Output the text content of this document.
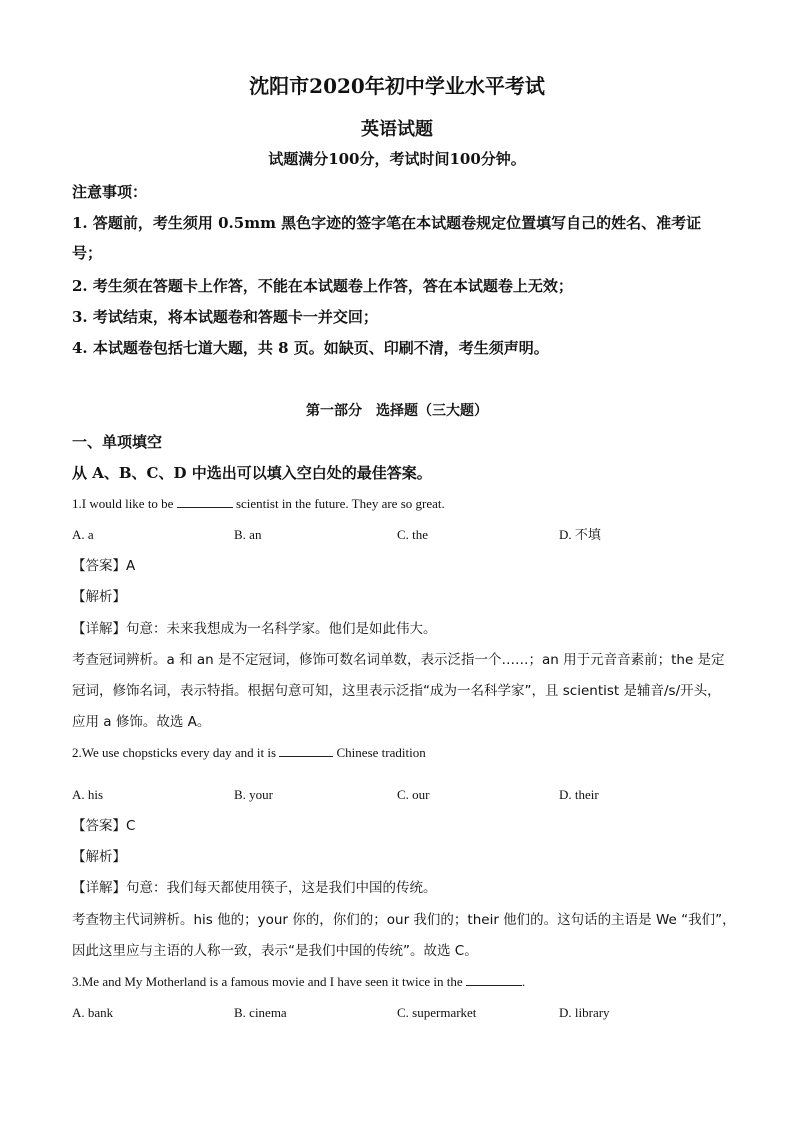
沈阳市2020年初中学业水平考试
英语试题
试题满分100分，考试时间100分钟。
注意事项：
1. 答题前，考生须用 0.5mm 黑色字迹的签字笔在本试题卷规定位置填写自己的姓名、准考证
号；
2. 考生须在答题卡上作答，不能在本试题卷上作答，答在本试题卷上无效；
3. 考试结束，将本试题卷和答题卡一并交回；
4. 本试题卷包括七道大题，共 8 页。如缺页、印刷不清，考生须声明。
第一部分　选择题（三大题）
一、单项填空
从 A、B、C、D 中选出可以填入空白处的最佳答案。
1.I would like to be	scientist in the future. They are so great.
A. a	B. an	C. the	D. 不填
【答案】A
【解析】
【详解】句意：未来我想成为一名科学家。他们是如此伟大。
考查冠词辨析。a 和 an 是不定冠词，修饰可数名词单数，表示泛指一个……；an 用于元音音素前；the 是定
冠词，修饰名词，表示特指。根据句意可知，这里表示泛指“成为一名科学家”，且 scientist 是辅音/s/开头，
应用 a 修饰。故选 A。
2.We use chopsticks every day and it is	Chinese tradition
A. his	B. your	C. our	D. their
【答案】C
【解析】
【详解】句意：我们每天都使用筷子，这是我们中国的传统。
考查物主代词辨析。his 他的；your 你的，你们的；our 我们的；their 他们的。这句话的主语是 We “我们”，
因此这里应与主语的人称一致，表示“是我们中国的传统”。故选 C。
3.Me and My Motherland is a famous movie and I have seen it twice in the	.
A. bank	B. cinema	C. supermarket	D. library
